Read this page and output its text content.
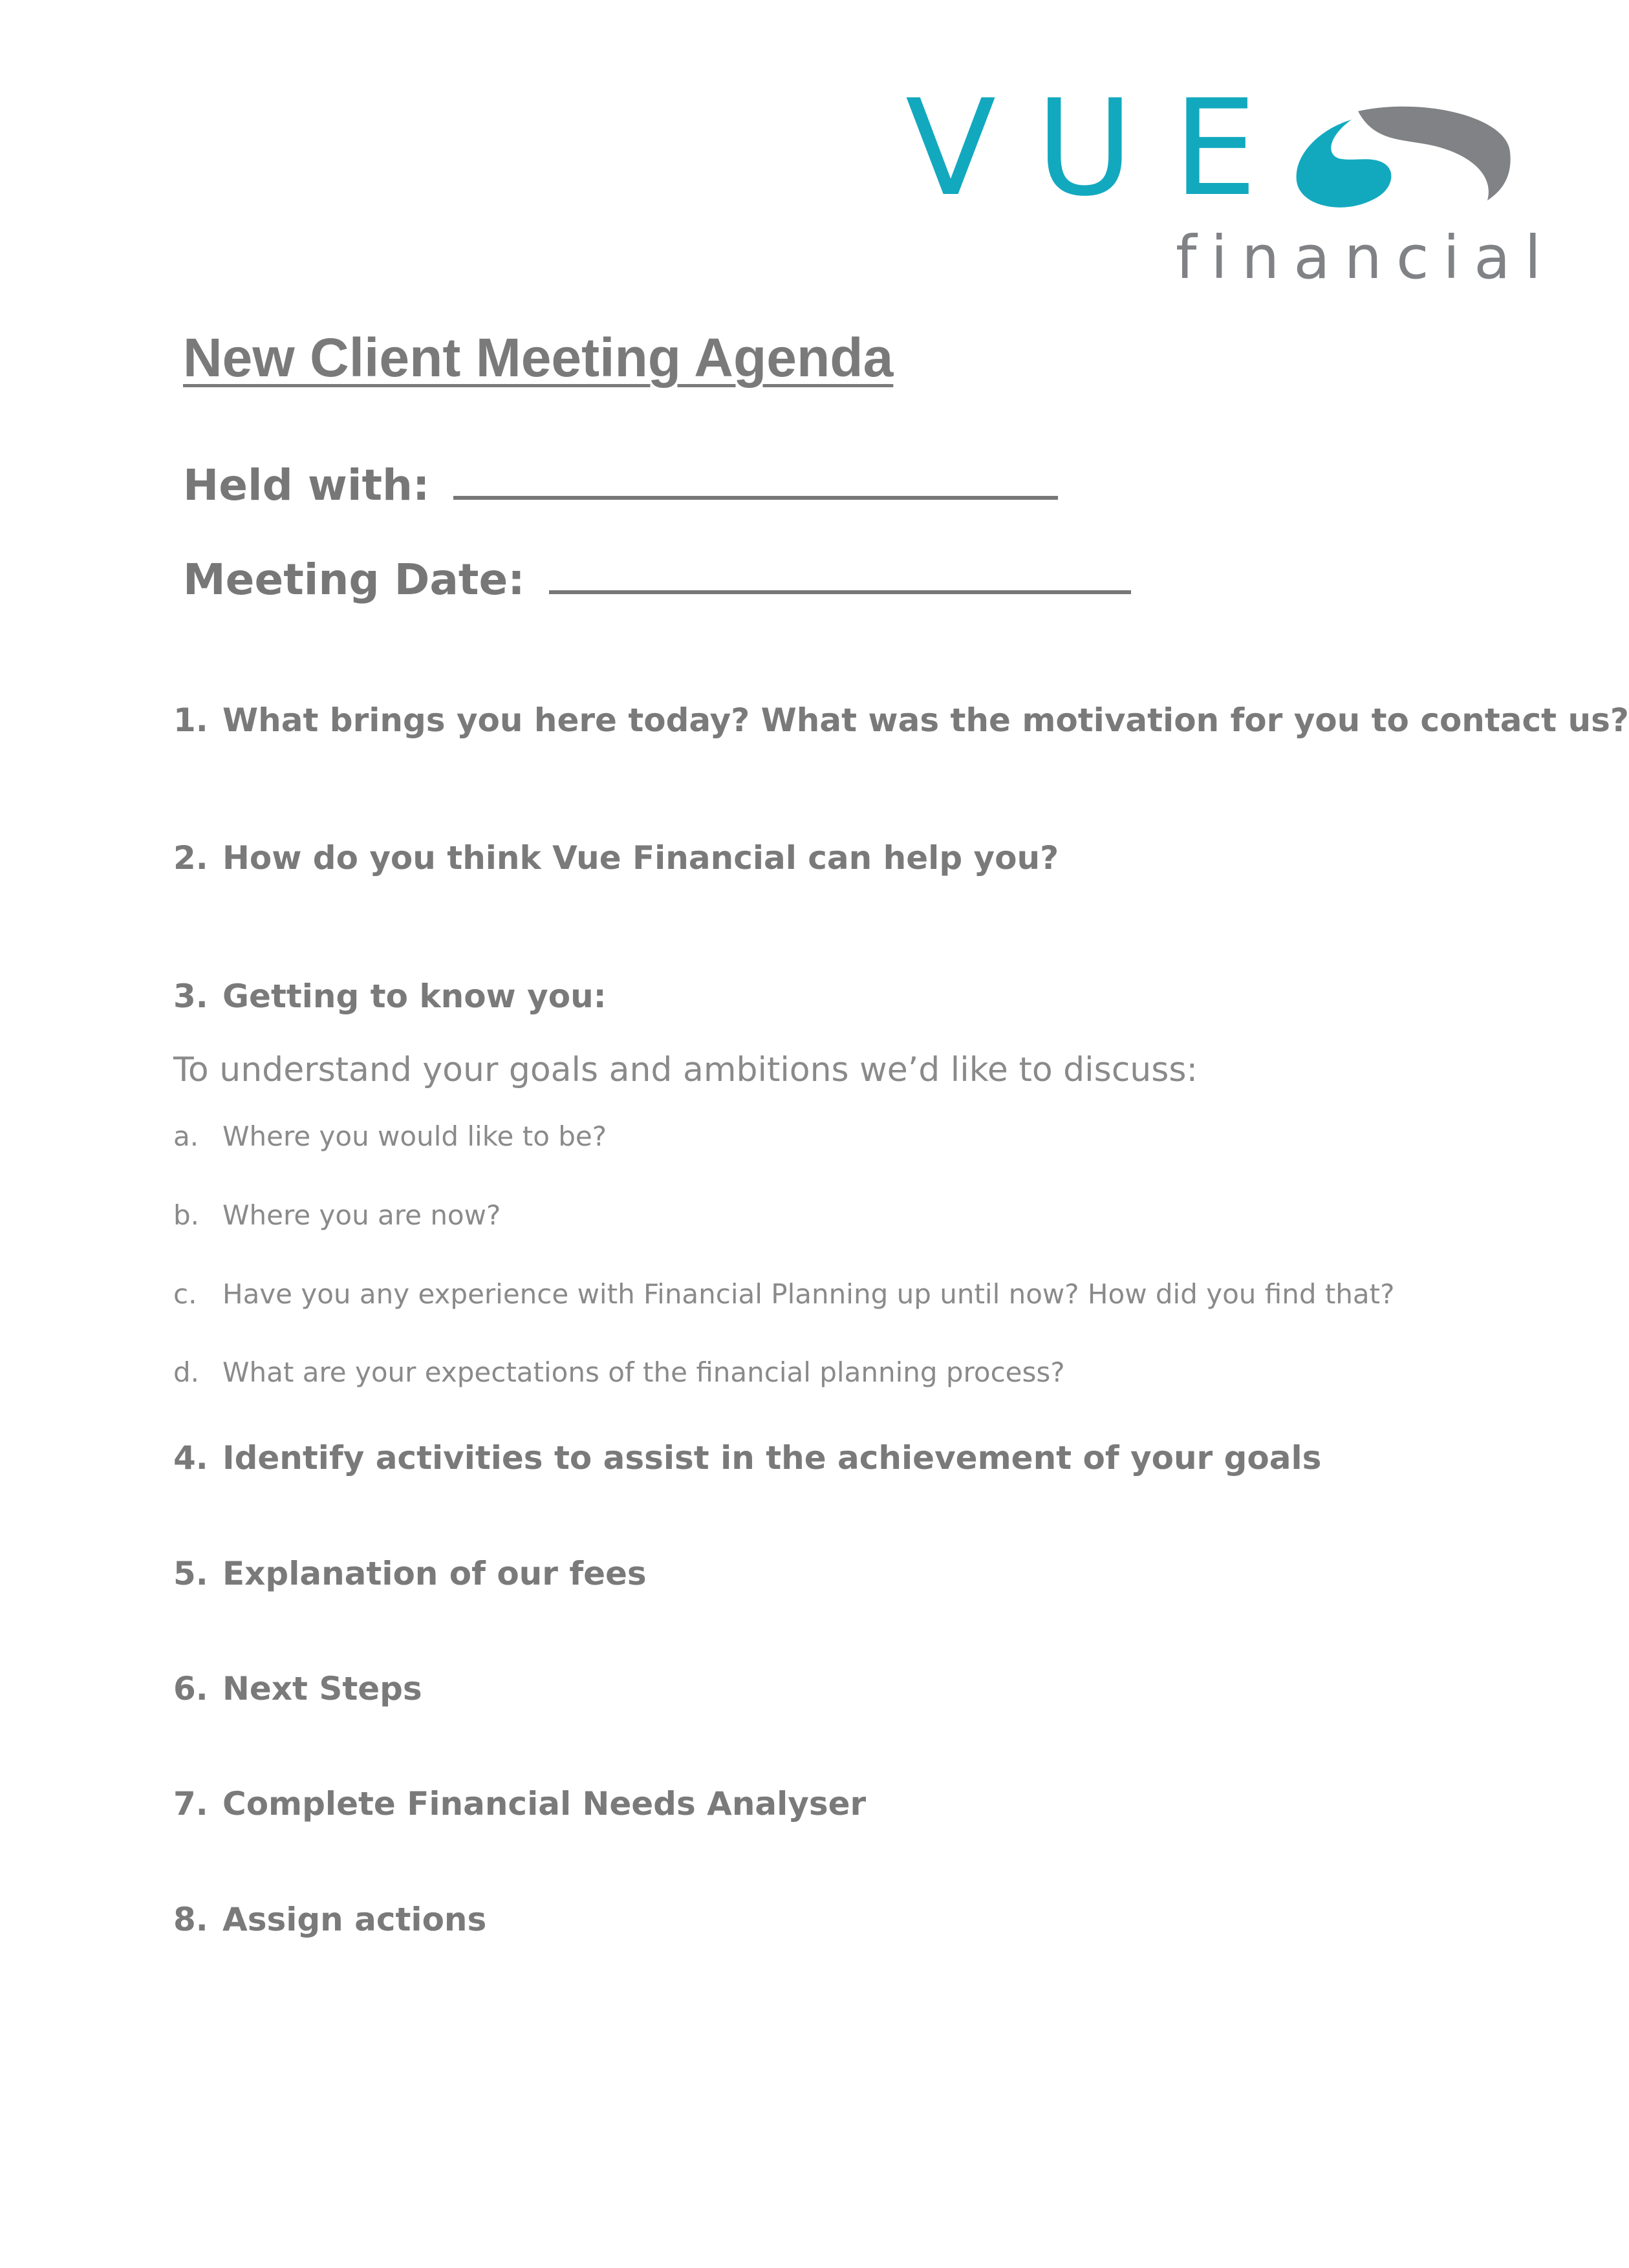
VUE
financial
New Client Meeting Agenda
Held with:
Meeting Date:
1. What brings you here today? What was the motivation for you to contact us?
2. How do you think Vue Financial can help you?
3. Getting to know you:
To understand your goals and ambitions we’d like to discuss:
a. Where you would like to be?
b. Where you are now?
c. Have you any experience with Financial Planning up until now? How did you find that?
d. What are your expectations of the financial planning process?
4. Identify activities to assist in the achievement of your goals
5. Explanation of our fees
6. Next Steps
7. Complete Financial Needs Analyser
8. Assign actions
